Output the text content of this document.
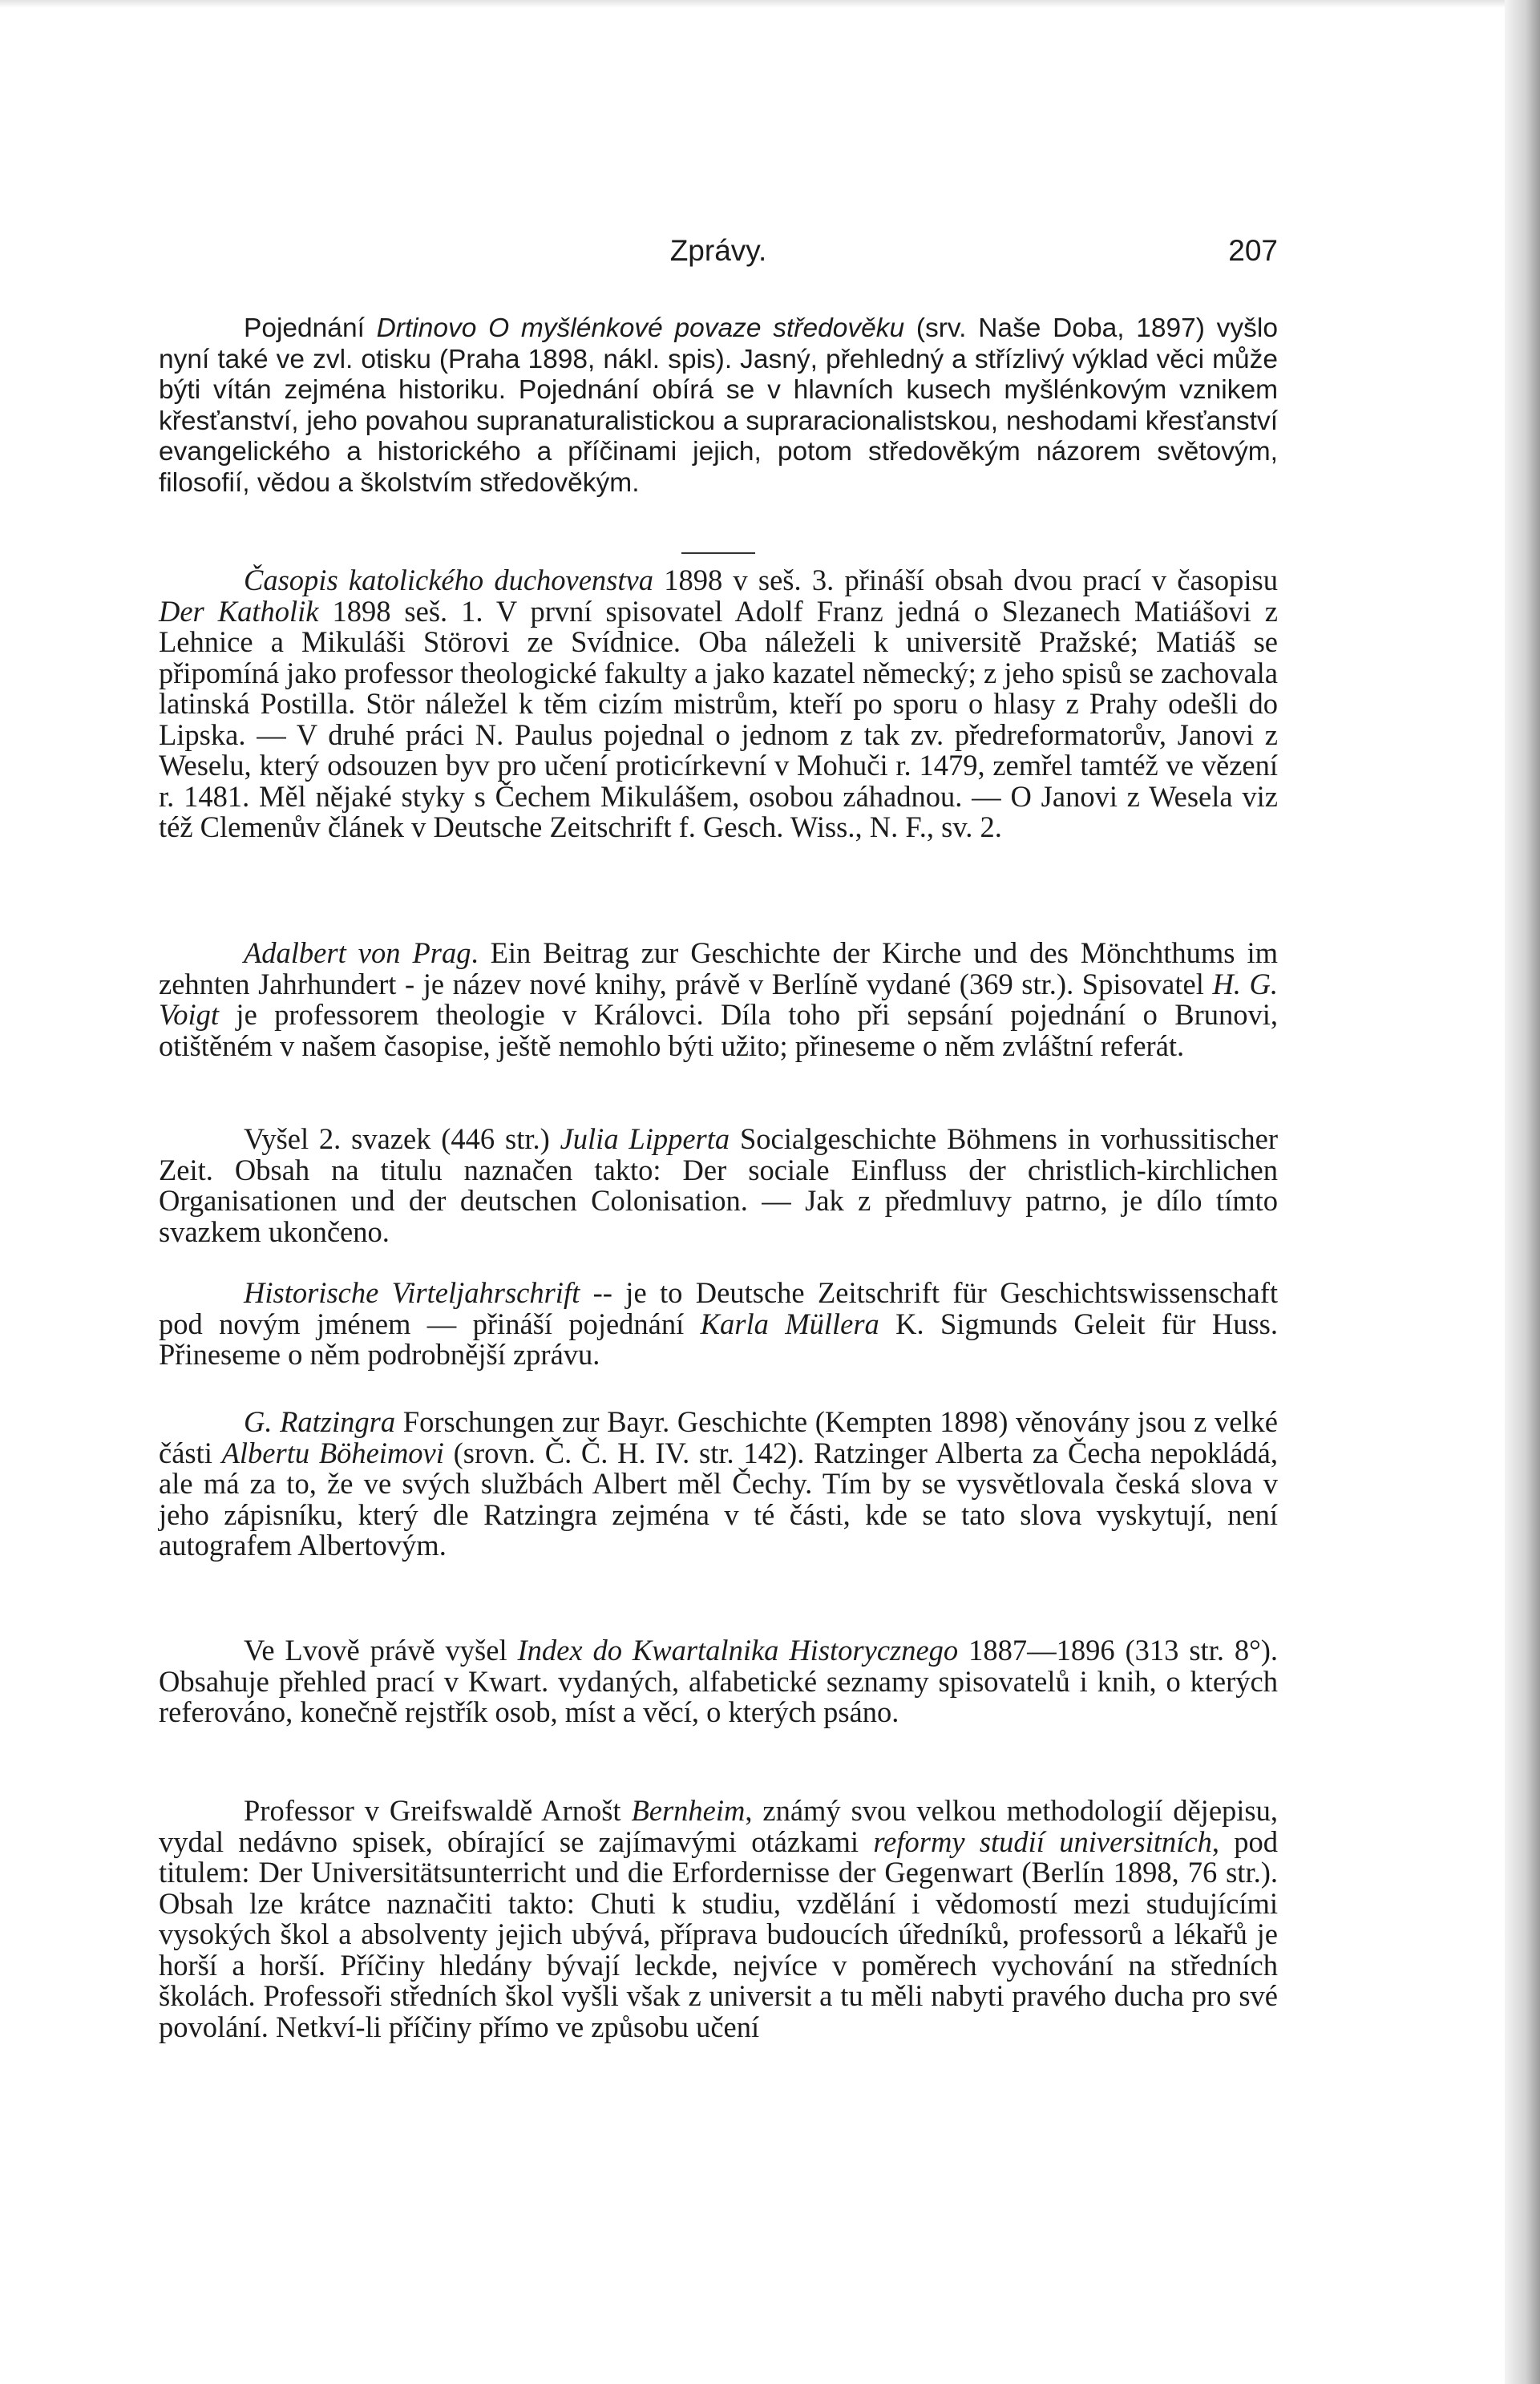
Zprávy.	207

Pojednání Drtinovo O myšlénkové povaze středověku (srv. Naše Doba, 1897) vyšlo nyní také ve zvl. otisku (Praha 1898, nákl. spis). Jasný, přehledný a střízlivý výklad věci může býti vítán zejména historiku. Pojednání obírá se v hlavních kusech myšlénkovým vznikem křesťanství, jeho povahou supranaturalistickou a supraracionalistskou, neshodami křesťanství evangelického a historického a příčinami jejich, potom středověkým názorem světovým, filosofií, vědou a školstvím středověkým.

Časopis katolického duchovenstva 1898 v seš. 3. přináší obsah dvou prací v časopisu Der Katholik 1898 seš. 1. V první spisovatel Adolf Franz jedná o Slezanech Matiášovi z Lehnice a Mikuláši Störovi ze Svídnice. Oba náleželi k universitě Pražské; Matiáš se připomíná jako professor theologické fakulty a jako kazatel německý; z jeho spisů se zachovala latinská Postilla. Stör náležel k těm cizím mistrům, kteří po sporu o hlasy z Prahy odešli do Lipska. — V druhé práci N. Paulus pojednal o jednom z tak zv. předreformatorův, Janovi z Weselu, který odsouzen byv pro učení proticírkevní v Mohuči r. 1479, zemřel tamtéž ve vězení r. 1481. Měl nějaké styky s Čechem Mikulášem, osobou záhadnou. — O Janovi z Wesela viz též Clemenův článek v Deutsche Zeitschrift f. Gesch. Wiss., N. F., sv. 2.

Adalbert von Prag. Ein Beitrag zur Geschichte der Kirche und des Mönchthums im zehnten Jahrhundert - je název nové knihy, právě v Berlíně vydané (369 str.). Spisovatel H. G. Voigt je professorem theologie v Královci. Díla toho při sepsání pojednání o Brunovi, otištěném v našem časopise, ještě nemohlo býti užito; přineseme o něm zvláštní referát.

Vyšel 2. svazek (446 str.) Julia Lipperta Socialgeschichte Böhmens in vorhussitischer Zeit. Obsah na titulu naznačen takto: Der sociale Einfluss der christlich-kirchlichen Organisationen und der deutschen Colonisation. — Jak z předmluvy patrno, je dílo tímto svazkem ukončeno.

Historische Virteljahrschrift -- je to Deutsche Zeitschrift für Geschichtswissenschaft pod novým jménem — přináší pojednání Karla Müllera K. Sigmunds Geleit für Huss. Přineseme o něm podrobnější zprávu.

G. Ratzingra Forschungen zur Bayr. Geschichte (Kempten 1898) věnovány jsou z velké části Albertu Böheimovi (srovn. Č. Č. H. IV. str. 142). Ratzinger Alberta za Čecha nepokládá, ale má za to, že ve svých službách Albert měl Čechy. Tím by se vysvětlovala česká slova v jeho zápisníku, který dle Ratzingra zejména v té části, kde se tato slova vyskytují, není autografem Albertovým.

Ve Lvově právě vyšel Index do Kwartalnika Historycznego 1887—1896 (313 str. 8°). Obsahuje přehled prací v Kwart. vydaných, alfabetické seznamy spisovatelů i knih, o kterých referováno, konečně rejstřík osob, míst a věcí, o kterých psáno.

Professor v Greifswaldě Arnošt Bernheim, známý svou velkou methodologií dějepisu, vydal nedávno spisek, obírající se zajímavými otázkami reformy studií universitních, pod titulem: Der Universitätsunterricht und die Erfordernisse der Gegenwart (Berlín 1898, 76 str.). Obsah lze krátce naznačiti takto: Chuti k studiu, vzdělání i vědomostí mezi studujícími vysokých škol a absolventy jejich ubývá, příprava budoucích úředníků, professorů a lékařů je horší a horší. Příčiny hledány bývají leckde, nejvíce v poměrech vychování na středních školách. Professoři středních škol vyšli však z universit a tu měli nabyti pravého ducha pro své povolání. Netkví-li příčiny přímo ve způsobu učení
